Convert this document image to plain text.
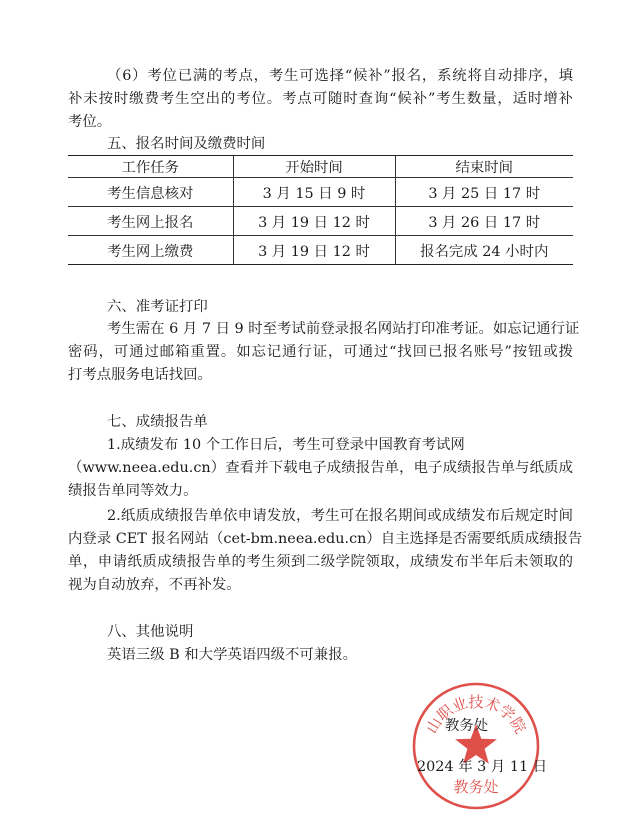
（6）考位已满的考点，考生可选择“候补”报名，系统将自动排序，填
补未按时缴费考生空出的考位。考点可随时查询“候补”考生数量，适时增补
考位。
五、报名时间及缴费时间
工作任务	开始时间	结束时间
考生信息核对	3 月 15 日 9 时	3 月 25 日 17 时
考生网上报名	3 月 19 日 12 时	3 月 26 日 17 时
考生网上缴费	3 月 19 日 12 时	报名完成 24 小时内
六、准考证打印
考生需在 6 月 7 日 9 时至考试前登录报名网站打印准考证。如忘记通行证
密码，可通过邮箱重置。如忘记通行证，可通过“找回已报名账号”按钮或拨
打考点服务电话找回。
七、成绩报告单
1.成绩发布 10 个工作日后，考生可登录中国教育考试网
（www.neea.edu.cn）查看并下载电子成绩报告单，电子成绩报告单与纸质成
绩报告单同等效力。
2.纸质成绩报告单依申请发放，考生可在报名期间或成绩发布后规定时间
内登录 CET 报名网站（cet-bm.neea.edu.cn）自主选择是否需要纸质成绩报告
单，申请纸质成绩报告单的考生须到二级学院领取，成绩发布半年后未领取的
视为自动放弃，不再补发。
八、其他说明
英语三级 B 和大学英语四级不可兼报。
山职业技术学院
教务处
教务处
2024 年 3 月 11 日
